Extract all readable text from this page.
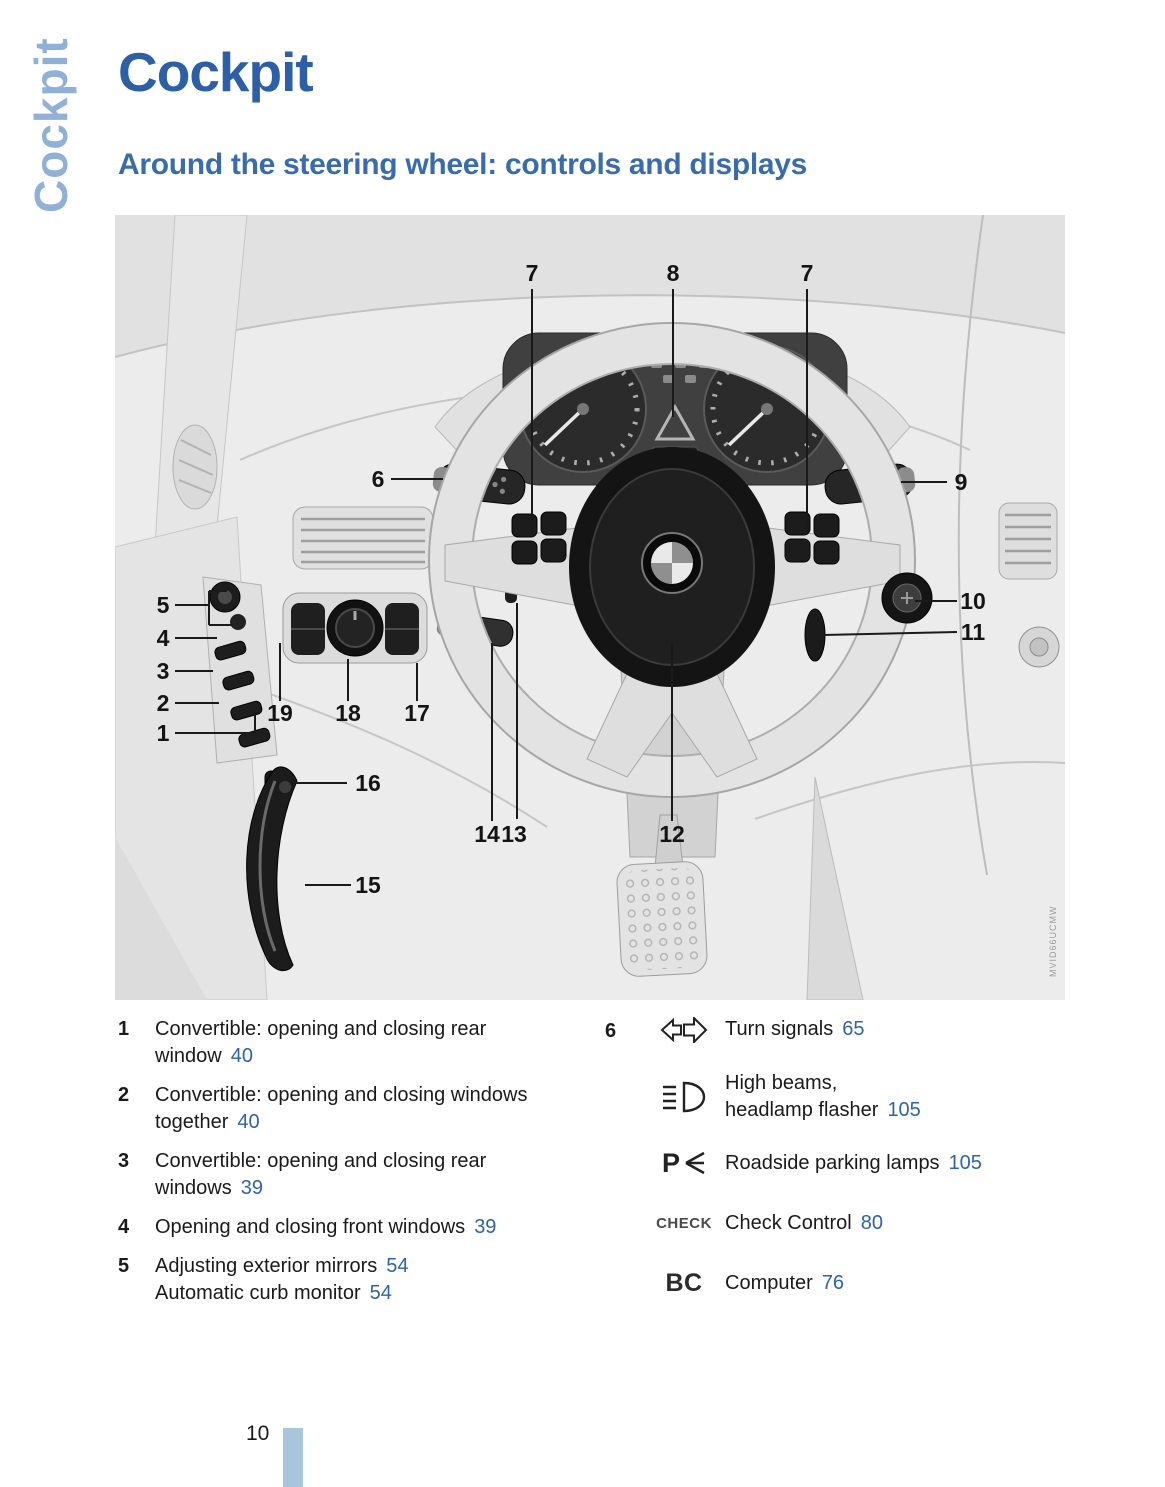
Cockpit Cockpit
Around the steering wheel: controls and displays
7	8	7
6	9
10
11
5
4
3
2
1
19 18 17
16
15
14 13	12
MVID66UCMW
1	Convertible: opening and closing rear window 40

2	Convertible: opening and closing windows together 40

3	Convertible: opening and closing rear windows 39

4	Opening and closing front windows 39

5	Adjusting exterior mirrors 54
Automatic curb monitor 54

6	Turn signals 65

High beams,
headlamp flasher 105

P Roadside parking lamps 105

CHECK Check Control 80

BC Computer 76

10
